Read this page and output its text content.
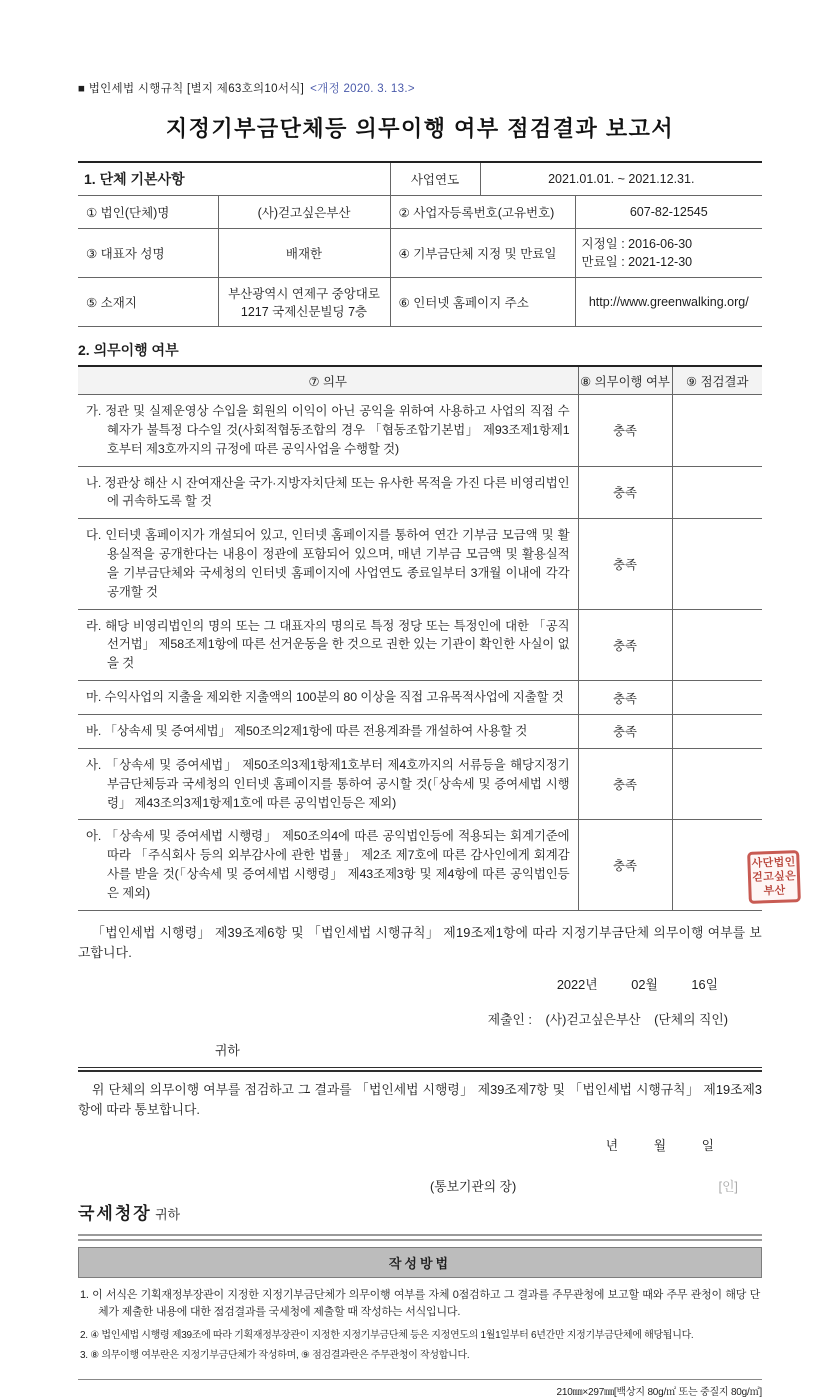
■ 법인세법 시행규칙 [별지 제63호의10서식] <개정 2020. 3. 13.>
지정기부금단체등 의무이행 여부 점검결과 보고서
1. 단체 기본사항		사업연도	2021.01.01. ~ 2021.12.31.	
① 법인(단체)명	(사)걷고싶은부산	② 사업자등록번호(고유번호)		607-82-12545
③ 대표자 성명	배재한	④ 기부금단체 지정 및 만료일		지정일 : 2016-06-30
만료일 : 2021-12-30

⑤ 소재지	부산광역시 연제구 중앙대로 1217 국제신문빌딩 7층	⑥ 인터넷 홈페이지 주소		http://www.greenwalking.org/
2. 의무이행 여부
⑦ 의무	⑧ 의무이행 여부	⑨ 점검결과
가. 정관 및 실제운영상 수입을 회원의 이익이 아닌 공익을 위하여 사용하고 사업의 직접 수혜자가 불특정 다수일 것(사회적협동조합의 경우 「협동조합기본법」 제93조제1항제1호부터 제3호까지의 규정에 따른 공익사업을 수행할 것)	충족	
나. 정관상 해산 시 잔여재산을 국가·지방자치단체 또는 유사한 목적을 가진 다른 비영리법인에 귀속하도록 할 것	충족	
다. 인터넷 홈페이지가 개설되어 있고, 인터넷 홈페이지를 통하여 연간 기부금 모금액 및 활용실적을 공개한다는 내용이 정관에 포함되어 있으며, 매년 기부금 모금액 및 활용실적을 기부금단체와 국세청의 인터넷 홈페이지에 사업연도 종료일부터 3개월 이내에 각각 공개할 것	충족	
라. 해당 비영리법인의 명의 또는 그 대표자의 명의로 특정 정당 또는 특정인에 대한 「공직선거법」 제58조제1항에 따른 선거운동을 한 것으로 권한 있는 기관이 확인한 사실이 없을 것	충족	
마. 수익사업의 지출을 제외한 지출액의 100분의 80 이상을 직접 고유목적사업에 지출할 것	충족	
바. 「상속세 및 증여세법」 제50조의2제1항에 따른 전용계좌를 개설하여 사용할 것	충족	
사. 「상속세 및 증여세법」 제50조의3제1항제1호부터 제4호까지의 서류등을 해당지정기부금단체등과 국세청의 인터넷 홈페이지를 통하여 공시할 것(「상속세 및 증여세법 시행령」 제43조의3제1항제1호에 따른 공익법인등은 제외)	충족	
아. 「상속세 및 증여세법 시행령」 제50조의4에 따른 공익법인등에 적용되는 회계기준에 따라 「주식회사 등의 외부감사에 관한 법률」 제2조 제7호에 따른 감사인에게 회계감사를 받을 것(「상속세 및 증여세법 시행령」 제43조제3항 및 제4항에 따른 공익법인등은 제외)	충족	

「법인세법 시행령」 제39조제6항 및 「법인세법 시행규칙」 제19조제1항에 따라 지정기부금단체 의무이행 여부를 보고합니다.

2022년	02월	16일
제출인 : (사)걷고싶은부산 (단체의 직인)
귀하

위 단체의 의무이행 여부를 점검하고 그 결과를 「법인세법 시행령」 제39조제7항 및 「법인세법 시행규칙」 제19조제3항에 따라 통보합니다.

년	월	일
(통보기관의 장)	[인]
국세청장 귀하
작성방법
1. 이 서식은 기획재정부장관이 지정한 지정기부금단체가 의무이행 여부를 자체 0점검하고 그 결과를 주무관청에 보고할 때와 주무 관청이 해당 단체가 제출한 내용에 대한 점검결과를 국세청에 제출할 때 작성하는 서식입니다.
2. ④ 법인세법 시행령 제39조에 따라 기획재정부장관이 지정한 지정기부금단체 등은 지정연도의 1월1일부터 6년간만 지정기부금단체에 해당됩니다.
3. ⑧ 의무이행 여부란은 지정기부금단체가 작성하며, ⑨ 점검결과란은 주무관청이 작성합니다.
210㎜×297㎜[백상지 80g/㎡ 또는 중질지 80g/㎡]
사 단 법 인
걷 고 싶 은
부 산
